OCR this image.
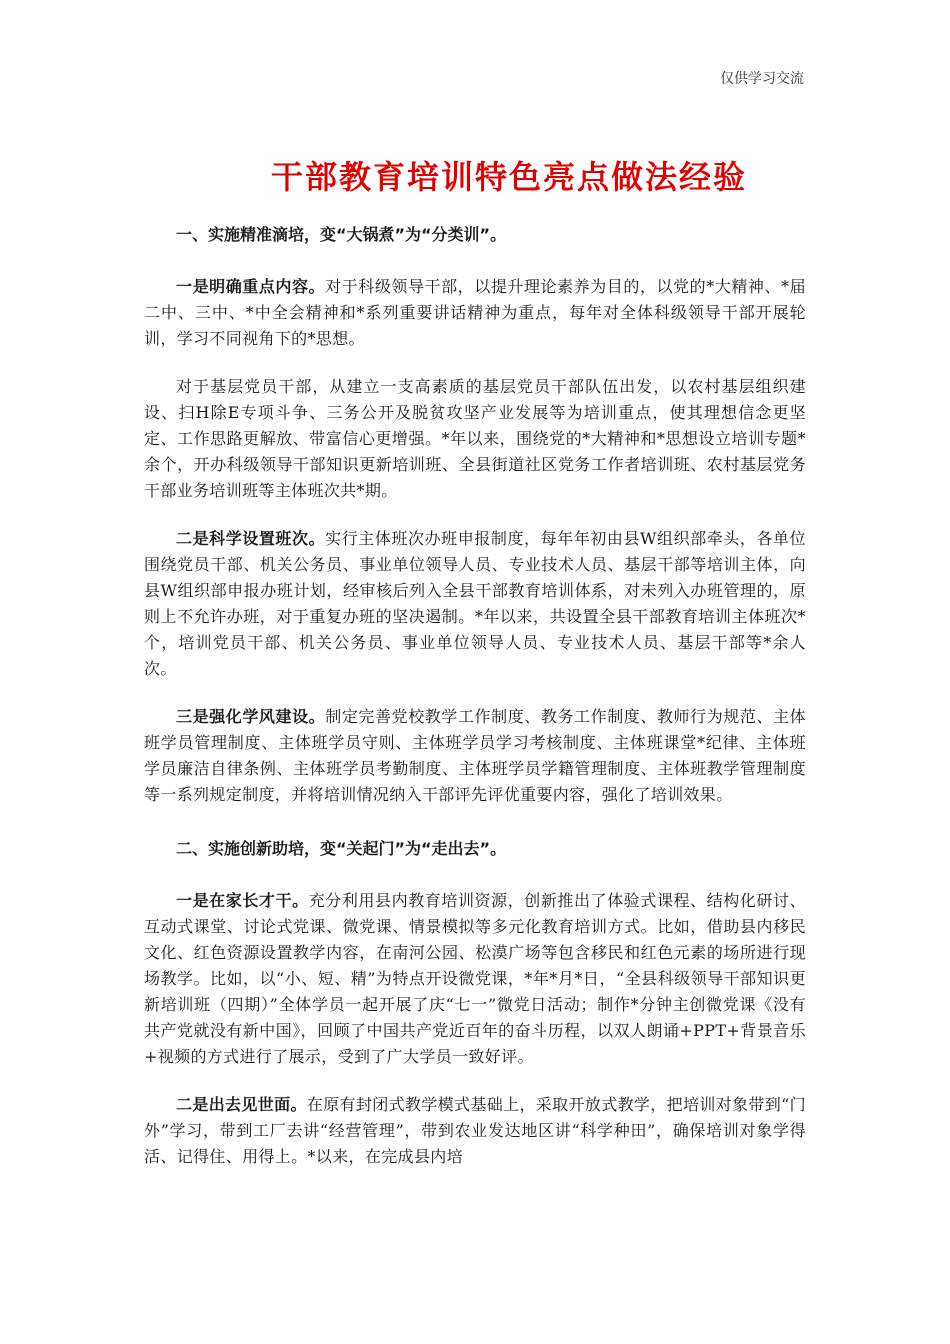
仅供学习交流
干部教育培训特色亮点做法经验
一、实施精准滴培，变“大锅煮”为“分类训”。

一是明确重点内容。对于科级领导干部，以提升理论素养为目的，以党的*大精神、*届二中、三中、*中全会精神和*系列重要讲话精神为重点，每年对全体科级领导干部开展轮训，学习不同视角下的*思想。

对于基层党员干部，从建立一支高素质的基层党员干部队伍出发，以农村基层组织建设、扫H除E专项斗争、三务公开及脱贫攻坚产业发展等为培训重点，使其理想信念更坚定、工作思路更解放、带富信心更增强。*年以来，围绕党的*大精神和*思想设立培训专题*余个，开办科级领导干部知识更新培训班、全县街道社区党务工作者培训班、农村基层党务干部业务培训班等主体班次共*期。

二是科学设置班次。实行主体班次办班申报制度，每年年初由县W组织部牵头，各单位围绕党员干部、机关公务员、事业单位领导人员、专业技术人员、基层干部等培训主体，向县W组织部申报办班计划，经审核后列入全县干部教育培训体系，对未列入办班管理的，原则上不允许办班，对于重复办班的坚决遏制。*年以来，共设置全县干部教育培训主体班次*个，培训党员干部、机关公务员、事业单位领导人员、专业技术人员、基层干部等*余人次。

三是强化学风建设。制定完善党校教学工作制度、教务工作制度、教师行为规范、主体班学员管理制度、主体班学员守则、主体班学员学习考核制度、主体班课堂*纪律、主体班学员廉洁自律条例、主体班学员考勤制度、主体班学员学籍管理制度、主体班教学管理制度等一系列规定制度，并将培训情况纳入干部评先评优重要内容，强化了培训效果。

二、实施创新助培，变“关起门”为“走出去”。

一是在家长才干。充分利用县内教育培训资源，创新推出了体验式课程、结构化研讨、互动式课堂、讨论式党课、微党课、情景模拟等多元化教育培训方式。比如，借助县内移民文化、红色资源设置教学内容，在南河公园、松漠广场等包含移民和红色元素的场所进行现场教学。比如，以“小、短、精”为特点开设微党课，*年*月*日，“全县科级领导干部知识更新培训班（四期）”全体学员一起开展了庆“七一”微党日活动；制作*分钟主创微党课《没有共产党就没有新中国》，回顾了中国共产党近百年的奋斗历程，以双人朗诵+PPT+背景音乐+视频的方式进行了展示，受到了广大学员一致好评。

二是出去见世面。在原有封闭式教学模式基础上，采取开放式教学，把培训对象带到“门外”学习，带到工厂去讲“经营管理”，带到农业发达地区讲“科学种田”，确保培训对象学得活、记得住、用得上。*以来，在完成县内培
